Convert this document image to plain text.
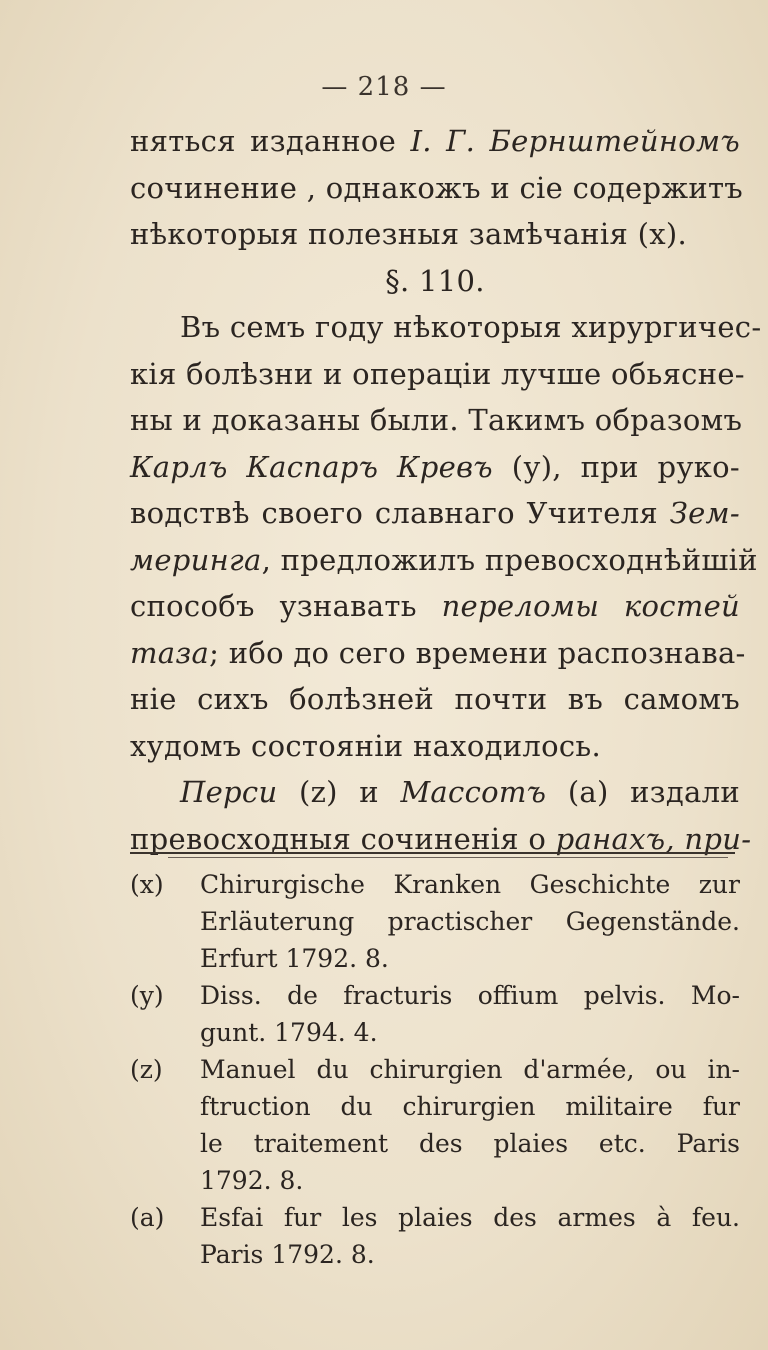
— 218 —
няться изданное I. Г. Бернштейномъ
сочинение , однакожъ и сіе содержитъ
нѣкоторыя полезныя замѣчанія (x).
§. 110.
Въ семъ году нѣкоторыя хирургичес-
кія болѣзни и операціи лучше обьясне-
ны и доказаны были. Такимъ образомъ
Карлъ Каспаръ Кревъ (у), при руко-
водствѣ своего славнаго Учителя Зем-
меринга, предложилъ превосходнѣйшій
способъ узнавать переломы костей
таза; ибо до сего времени распознава-
ніе сихъ болѣзней почти въ самомъ
худомъ состояніи находилось.
Перси (z) и Массотъ (a) издали
превосходныя сочиненія о ранахъ, при-
(x) Chirurgische Kranken Geschichte zur
Erläuterung practischer Gegenstände.
Erfurt 1792. 8.
(y) Diss. de fracturis offium pelvis. Mo-
gunt. 1794. 4.
(z) Manuel du chirurgien d'armée, ou in-
ftruction du chirurgien militaire fur
le traitement des plaies etc. Paris
1792. 8.
(a) Esfai fur les plaies des armes à feu.
Paris 1792. 8.
